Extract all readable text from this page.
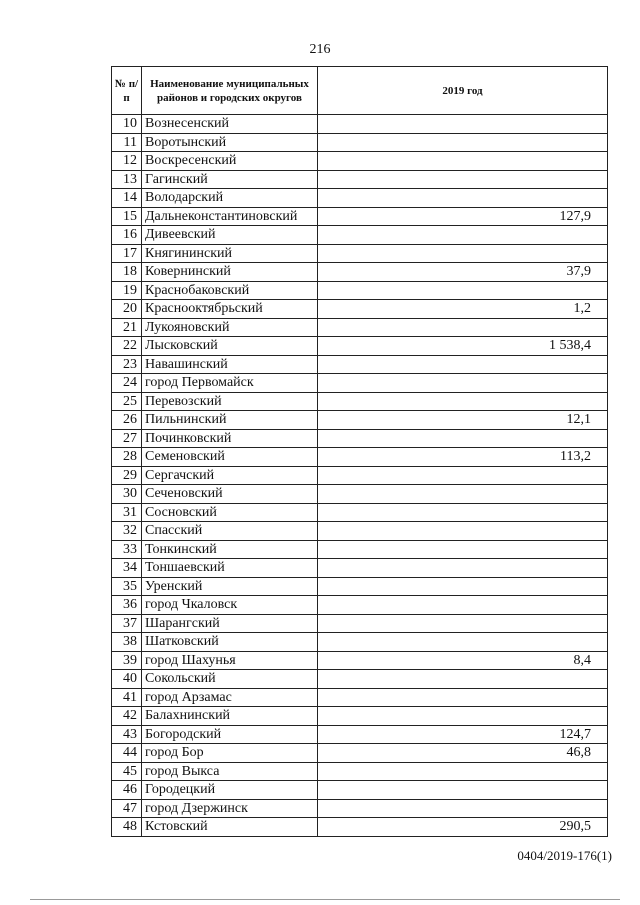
216
№ п/п	Наименование муниципальных районов и городских округов	2019 год
10	Вознесенский	
11	Воротынский	
12	Воскресенский	
13	Гагинский	
14	Володарский	
15	Дальнеконстантиновский	127,9
16	Дивеевский	
17	Княгининский	
18	Ковернинский	37,9
19	Краснобаковский	
20	Краснооктябрьский	1,2
21	Лукояновский	
22	Лысковский	1 538,4
23	Навашинский	
24	город Первомайск	
25	Перевозский	
26	Пильнинский	12,1
27	Починковский	
28	Семеновский	113,2
29	Сергачский	
30	Сеченовский	
31	Сосновский	
32	Спасский	
33	Тонкинский	
34	Тоншаевский	
35	Уренский	
36	город Чкаловск	
37	Шарангский	
38	Шатковский	
39	город Шахунья	8,4
40	Сокольский	
41	город Арзамас	
42	Балахнинский	
43	Богородский	124,7
44	город Бор	46,8
45	город Выкса	
46	Городецкий	
47	город Дзержинск	
48	Кстовский	290,5
0404/2019-176(1)
